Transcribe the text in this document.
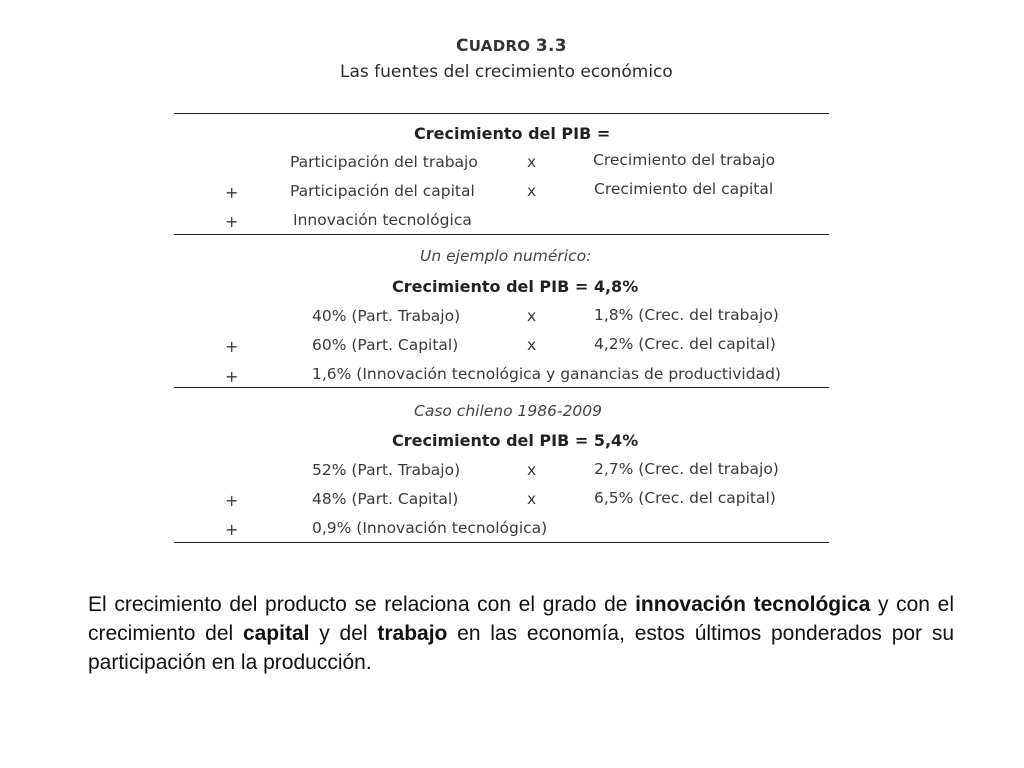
CUADRO 3.3
Las fuentes del crecimiento económico
Crecimiento del PIB =
Participación del trabajo	x	Crecimiento del trabajo
+	Participación del capital	x	Crecimiento del capital
+	Innovación tecnológica
Un ejemplo numérico:
Crecimiento del PIB = 4,8%
40% (Part. Trabajo)	x	1,8% (Crec. del trabajo)
+	60% (Part. Capital)	x	4,2% (Crec. del capital)
+	1,6% (Innovación tecnológica y ganancias de productividad)
Caso chileno 1986-2009
Crecimiento del PIB = 5,4%
52% (Part. Trabajo)	x	2,7% (Crec. del trabajo)
+	48% (Part. Capital)	x	6,5% (Crec. del capital)
+	0,9% (Innovación tecnológica)
El crecimiento del producto se relaciona con el grado de innovación tecnológica y con el crecimiento del capital y del trabajo en las economía, estos últimos ponderados por su participación en la producción.
